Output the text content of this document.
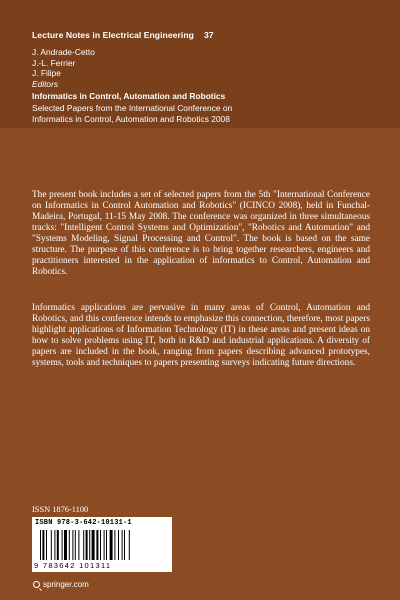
Lecture Notes in Electrical Engineering 37
J. Andrade-Cetto
J.-L. Ferrier
J. Filipe
Editors
Informatics in Control, Automation and Robotics
Selected Papers from the International Conference on
Informatics in Control, Automation and Robotics 2008
The present book includes a set of selected papers from the 5th "International Conference on Informatics in Control Automation and Robotics" (ICINCO 2008), held in Funchal-Madeira, Portugal, 11-15 May 2008. The conference was organized in three simultaneous tracks: "Intelligent Control Systems and Optimization", "Robotics and Automation" and "Systems Modeling, Signal Processing and Control". The book is based on the same structure. The purpose of this conference is to bring together researchers, engineers and practitioners interested in the application of informatics to Control, Automation and Robotics.
Informatics applications are pervasive in many areas of Control, Automation and Robotics, and this conference intends to emphasize this connection, therefore, most papers highlight applications of Information Technology (IT) in these areas and present ideas on how to solve problems using IT, both in R&D and industrial applications. A diversity of papers are included in the book, ranging from papers describing advanced prototypes, systems, tools and techniques to papers presenting surveys indicating future directions.
ISSN 1876-1100
ISBN 978-3-642-10131-1
9 783642 101311
springer.com
